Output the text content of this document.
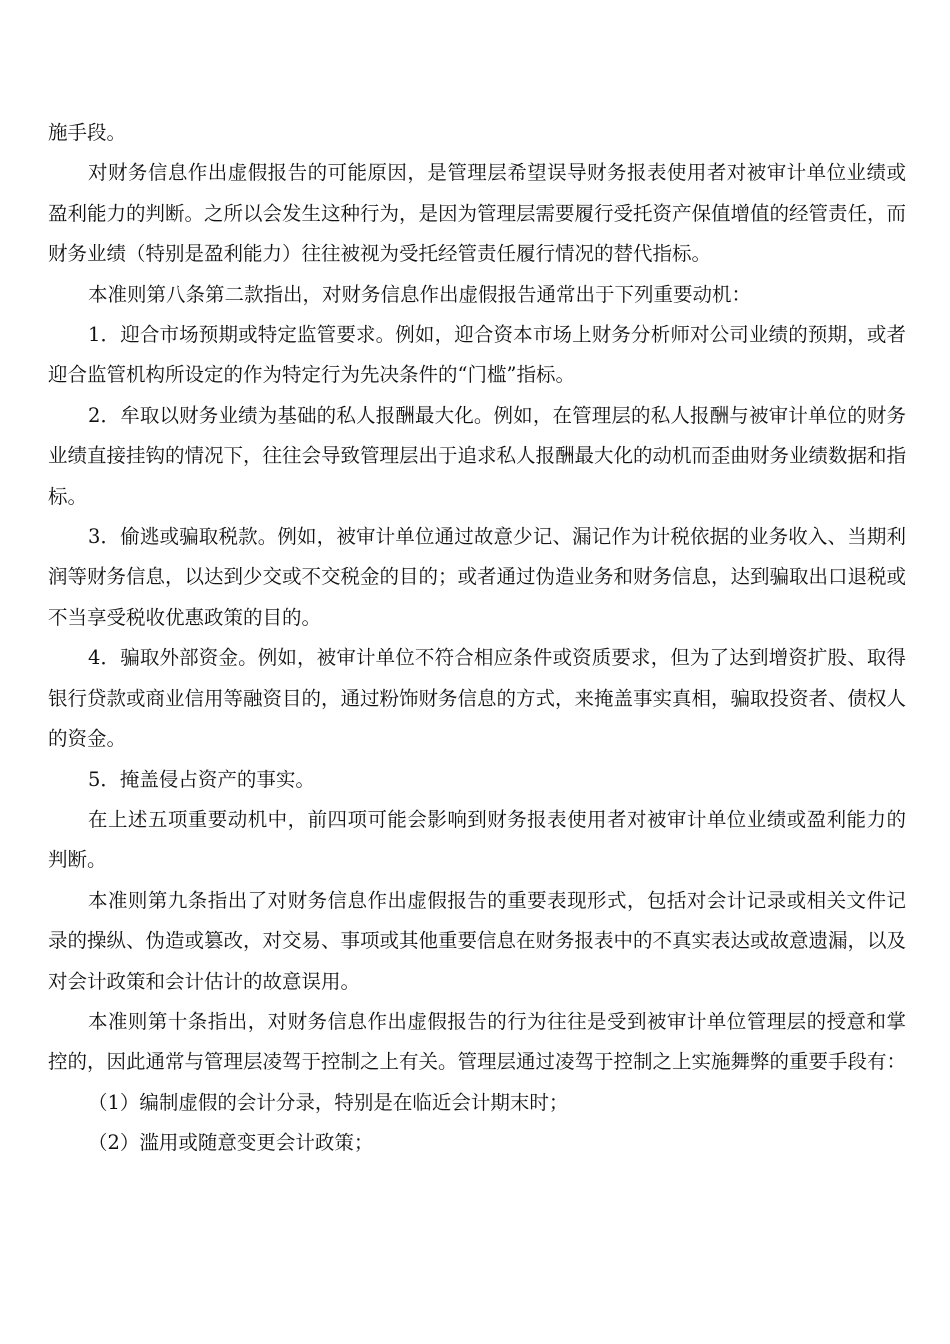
施手段。

对财务信息作出虚假报告的可能原因，是管理层希望误导财务报表使用者对被审计单位业绩或盈利能力的判断。之所以会发生这种行为，是因为管理层需要履行受托资产保值增值的经管责任，而财务业绩（特别是盈利能力）往往被视为受托经管责任履行情况的替代指标。

本准则第八条第二款指出，对财务信息作出虚假报告通常出于下列重要动机：

1．迎合市场预期或特定监管要求。例如，迎合资本市场上财务分析师对公司业绩的预期，或者迎合监管机构所设定的作为特定行为先决条件的“门槛”指标。

2．牟取以财务业绩为基础的私人报酬最大化。例如，在管理层的私人报酬与被审计单位的财务业绩直接挂钩的情况下，往往会导致管理层出于追求私人报酬最大化的动机而歪曲财务业绩数据和指标。

3．偷逃或骗取税款。例如，被审计单位通过故意少记、漏记作为计税依据的业务收入、当期利润等财务信息，以达到少交或不交税金的目的；或者通过伪造业务和财务信息，达到骗取出口退税或不当享受税收优惠政策的目的。

4．骗取外部资金。例如，被审计单位不符合相应条件或资质要求，但为了达到增资扩股、取得银行贷款或商业信用等融资目的，通过粉饰财务信息的方式，来掩盖事实真相，骗取投资者、债权人的资金。

5．掩盖侵占资产的事实。

在上述五项重要动机中，前四项可能会影响到财务报表使用者对被审计单位业绩或盈利能力的判断。

本准则第九条指出了对财务信息作出虚假报告的重要表现形式，包括对会计记录或相关文件记录的操纵、伪造或篡改，对交易、事项或其他重要信息在财务报表中的不真实表达或故意遗漏，以及对会计政策和会计估计的故意误用。

本准则第十条指出，对财务信息作出虚假报告的行为往往是受到被审计单位管理层的授意和掌控的，因此通常与管理层凌驾于控制之上有关。管理层通过凌驾于控制之上实施舞弊的重要手段有：

（1）编制虚假的会计分录，特别是在临近会计期末时；

（2）滥用或随意变更会计政策；
